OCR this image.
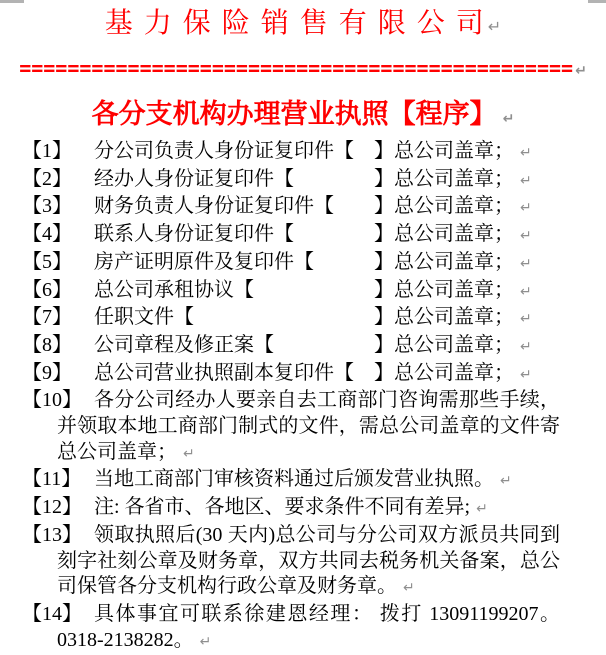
基 力 保 险 销 售 有 限 公 司 ↵
============================================== ↵
各分支机构办理营业执照【程序】 ↵
【1】	分公司负责人身份证复印件【　】总公司盖章； ↵
【2】	经办人身份证复印件【　　　　】总公司盖章； ↵
【3】	财务负责人身份证复印件【　　】总公司盖章； ↵
【4】	联系人身份证复印件【　　　　】总公司盖章； ↵
【5】	房产证明原件及复印件【　　　】总公司盖章； ↵
【6】	总公司承租协议【　　　　　　】总公司盖章； ↵
【7】	任职文件【　　　　　　　　　】总公司盖章； ↵
【8】	公司章程及修正案【　　　　　】总公司盖章； ↵
【9】	总公司营业执照副本复印件【　】总公司盖章； ↵
【10】 各分公司经办人要亲自去工商部门咨询需那些手续，
并领取本地工商部门制式的文件，需总公司盖章的文件寄
总公司盖章； ↵
【11】 当地工商部门审核资料通过后颁发营业执照。 ↵
【12】 注: 各省市、各地区、要求条件不同有差异; ↵
【13】 领取执照后(30 天内)总公司与分公司双方派员共同到
刻字社刻公章及财务章，双方共同去税务机关备案，总公
司保管各分支机构行政公章及财务章。 ↵
【14】 具体事宜可联系徐建恩经理： 拨打 13091199207。
0318-2138282。 ↵
